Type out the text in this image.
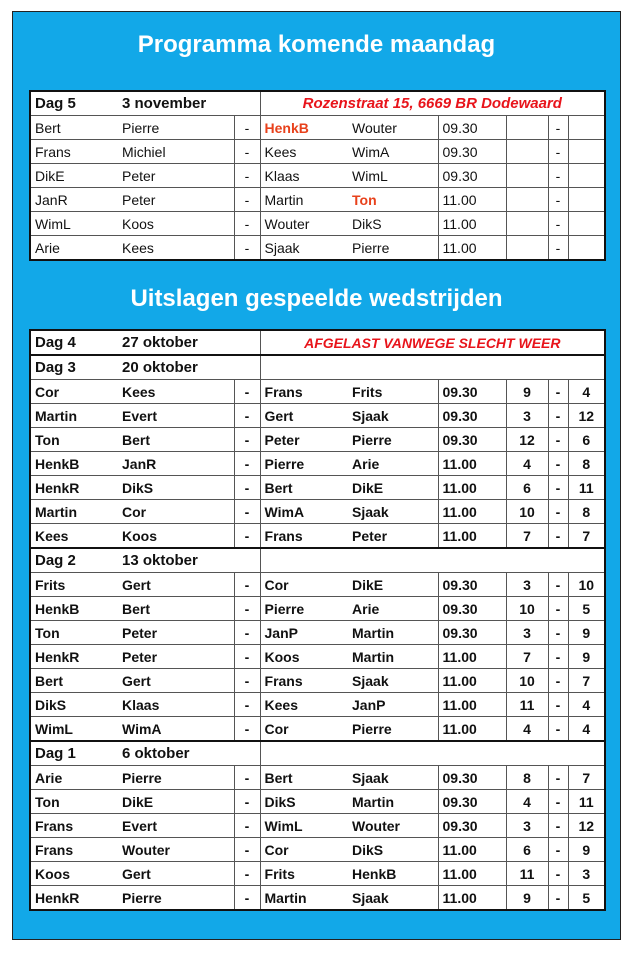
Programma komende maandag
Dag 5	3 november		Rozenstraat 15, 6669 BR Dodewaard					
Bert	Pierre	-	HenkB	Wouter	09.30		-	
Frans	Michiel	-	Kees	WimA	09.30		-	
DikE	Peter	-	Klaas	WimL	09.30		-	
JanR	Peter	-	Martin	Ton	11.00		-	
WimL	Koos	-	Wouter	DikS	11.00		-	
Arie	Kees	-	Sjaak	Pierre	11.00		-	
Uitslagen gespeelde wedstrijden
Dag 4	27 oktober		AFGELAST VANWEGE SLECHT WEER					
Dag 3	20 oktober							
Cor	Kees	-	Frans	Frits	09.30	9	-	4
Martin	Evert	-	Gert	Sjaak	09.30	3	-	12
Ton	Bert	-	Peter	Pierre	09.30	12	-	6
HenkB	JanR	-	Pierre	Arie	11.00	4	-	8
HenkR	DikS	-	Bert	DikE	11.00	6	-	11
Martin	Cor	-	WimA	Sjaak	11.00	10	-	8
Kees	Koos	-	Frans	Peter	11.00	7	-	7
Dag 2	13 oktober							
Frits	Gert	-	Cor	DikE	09.30	3	-	10
HenkB	Bert	-	Pierre	Arie	09.30	10	-	5
Ton	Peter	-	JanP	Martin	09.30	3	-	9
HenkR	Peter	-	Koos	Martin	11.00	7	-	9
Bert	Gert	-	Frans	Sjaak	11.00	10	-	7
DikS	Klaas	-	Kees	JanP	11.00	11	-	4
WimL	WimA	-	Cor	Pierre	11.00	4	-	4
Dag 1	6 oktober							
Arie	Pierre	-	Bert	Sjaak	09.30	8	-	7
Ton	DikE	-	DikS	Martin	09.30	4	-	11
Frans	Evert	-	WimL	Wouter	09.30	3	-	12
Frans	Wouter	-	Cor	DikS	11.00	6	-	9
Koos	Gert	-	Frits	HenkB	11.00	11	-	3
HenkR	Pierre	-	Martin	Sjaak	11.00	9	-	5
